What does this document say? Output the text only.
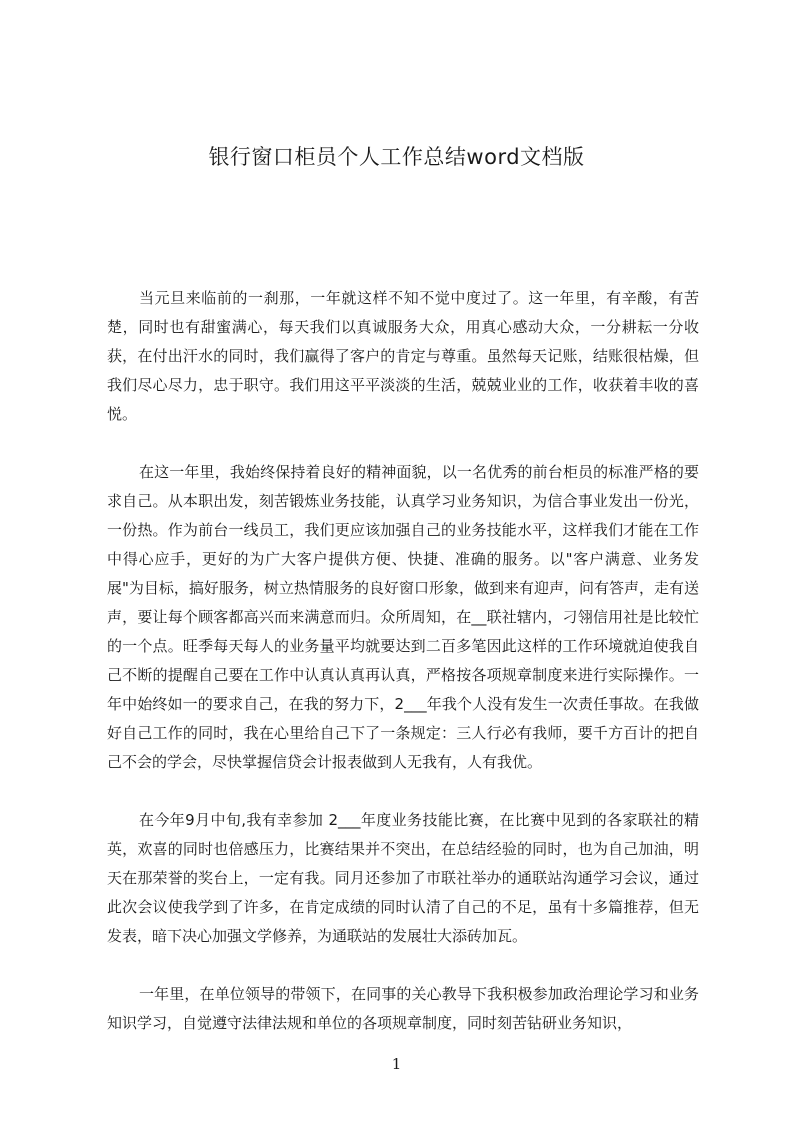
银行窗口柜员个人工作总结word文档版

当元旦来临前的一刹那，一年就这样不知不觉中度过了。这一年里，有辛酸，有苦楚，同时也有甜蜜满心，每天我们以真诚服务大众，用真心感动大众，一分耕耘一分收获，在付出汗水的同时，我们赢得了客户的肯定与尊重。虽然每天记账，结账很枯燥，但我们尽心尽力，忠于职守。我们用这平平淡淡的生活，兢兢业业的工作，收获着丰收的喜悦。

在这一年里，我始终保持着良好的精神面貌，以一名优秀的前台柜员的标准严格的要求自己。从本职出发，刻苦锻炼业务技能，认真学习业务知识，为信合事业发出一份光，一份热。作为前台一线员工，我们更应该加强自己的业务技能水平，这样我们才能在工作中得心应手，更好的为广大客户提供方便、快捷、准确的服务。以"客户满意、业务发展"为目标，搞好服务，树立热情服务的良好窗口形象，做到来有迎声，问有答声，走有送声，要让每个顾客都高兴而来满意而归。众所周知，在__联社辖内，刁翎信用社是比较忙的一个点。旺季每天每人的业务量平均就要达到二百多笔因此这样的工作环境就迫使我自己不断的提醒自己要在工作中认真认真再认真，严格按各项规章制度来进行实际操作。一年中始终如一的要求自己，在我的努力下，2___年我个人没有发生一次责任事故。在我做好自己工作的同时，我在心里给自己下了一条规定：三人行必有我师，要千方百计的把自己不会的学会，尽快掌握信贷会计报表做到人无我有，人有我优。

在今年9月中旬,我有幸参加 2___年度业务技能比赛，在比赛中见到的各家联社的精英，欢喜的同时也倍感压力，比赛结果并不突出，在总结经验的同时，也为自己加油，明天在那荣誉的奖台上，一定有我。同月还参加了市联社举办的通联站沟通学习会议，通过此次会议使我学到了许多，在肯定成绩的同时认清了自己的不足，虽有十多篇推荐，但无发表，暗下决心加强文学修养，为通联站的发展壮大添砖加瓦。

一年里，在单位领导的带领下，在同事的关心教导下我积极参加政治理论学习和业务知识学习，自觉遵守法律法规和单位的各项规章制度，同时刻苦钻研业务知识，

1
